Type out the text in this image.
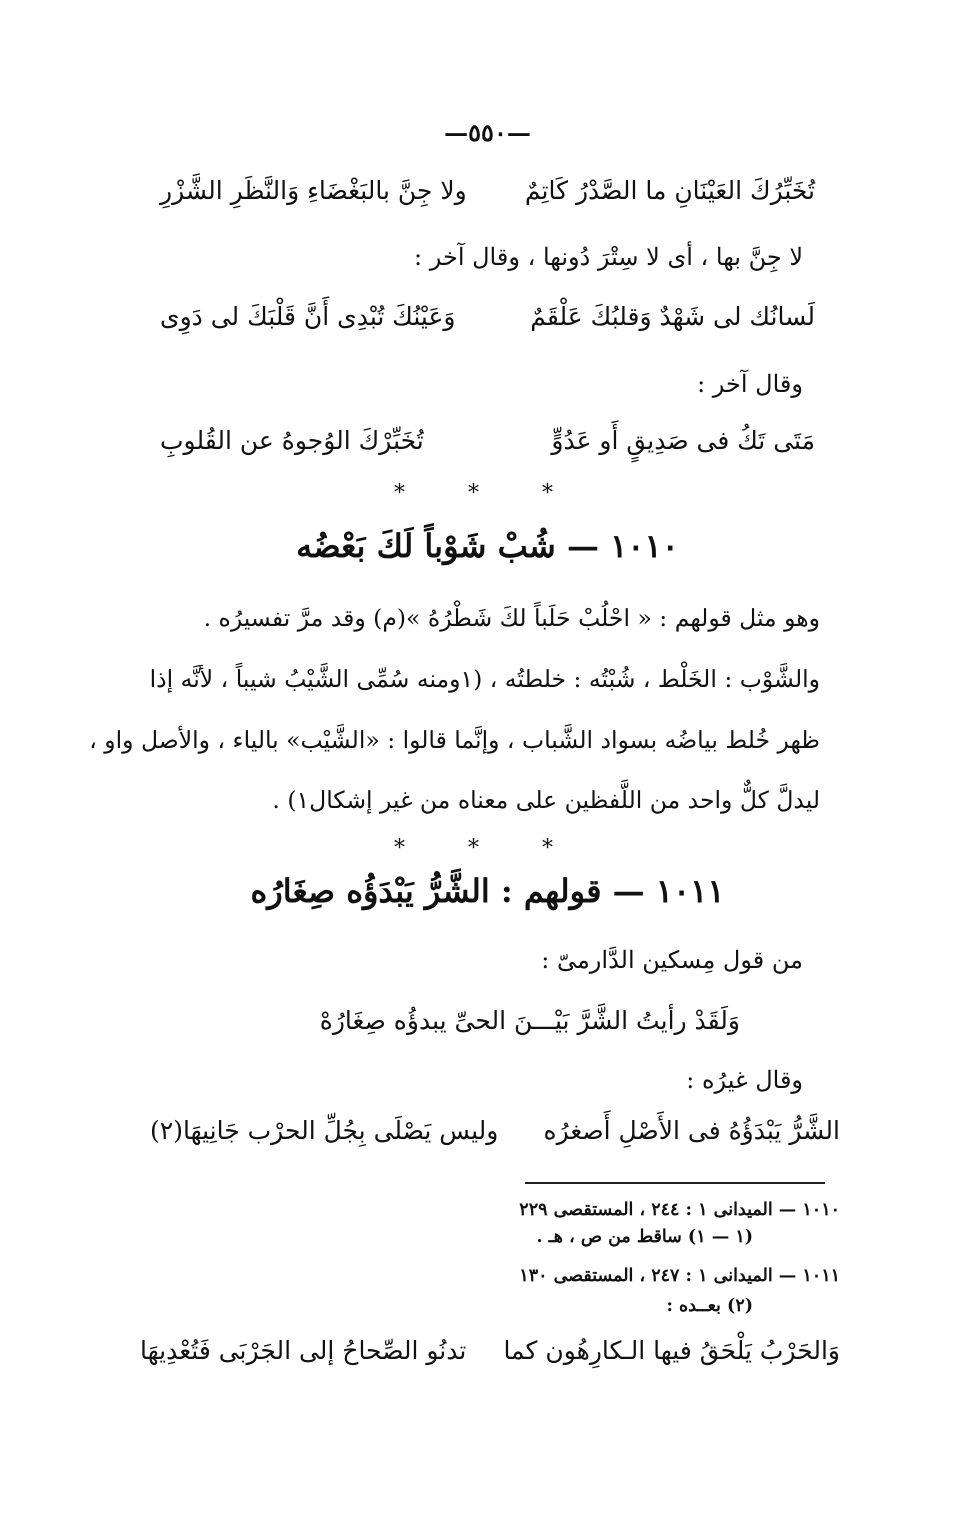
—٥٥٠—
تُخَبِّرُكَ العَيْنَانِ ما الصَّدْرُ كَاتِمٌ
ولا جِنَّ بالبَغْضَاءِ وَالنَّظَرِ الشَّزْرِ
لا جِنَّ بها ، أى لا سِتْرَ دُونها ، وقال آخر :
لَسانُك لى شَهْدٌ وَقلبُكَ عَلْقَمٌ
وَعَيْنُكَ تُبْدِى أَنَّ قَلْبَكَ لى دَوِى
وقال آخر :
مَتَى تَكُ فى صَدِيقٍ أَو عَدُوٍّ
تُخَبِّرْكَ الوُجوهُ عن القُلوبِ
* * *
١٠١٠ — شُبْ شَوْباً لَكَ بَعْضُه
وهو مثل قولهم : « احْلُبْ حَلَباً لكَ شَطْرُهُ »(م) وقد مرَّ تفسيرُه .
والشَّوْب : الخَلْط ، شُبْتُه : خلطتُه ، (١ومنه سُمِّى الشَّيْبُ شيباً ، لأنَّه إذا
ظهر خُلط بياضُه بسواد الشَّباب ، وإنَّما قالوا : «الشَّيْب» بالياء ، والأصل واو ،
ليدلَّ كلٌّ واحد من اللَّفظين على معناه من غير إشكال١) .
* * *
١٠١١ — قولهم : الشَّرُّ يَبْدَؤُه صِغَارُه
من قول مِسكين الدَّارمىّ :
وَلَقَدْ رأيتُ الشَّرَّ بَيْـــنَ الحىِّ يبدؤُه صِغَارُهْ
وقال غيرُه :
الشَّرُّ يَبْدَؤُهُ فى الأَصْلِ أَصغرُه
وليس يَصْلَى بِجُلِّ الحرْب جَانِيهَا(٢)
١٠١٠ — الميدانى ١ : ٢٤٤ ، المستقصى ٢٢٩
(١ — ١) ساقط من ص ، هـ .
١٠١١ — الميدانى ١ : ٢٤٧ ، المستقصى ١٣٠
(٢) بعــده :
وَالحَرْبُ يَلْحَقُ فيها الـكارِهُون كما
تدنُو الصِّحاحُ إلى الجَرْبَى فَتُعْدِيهَا
